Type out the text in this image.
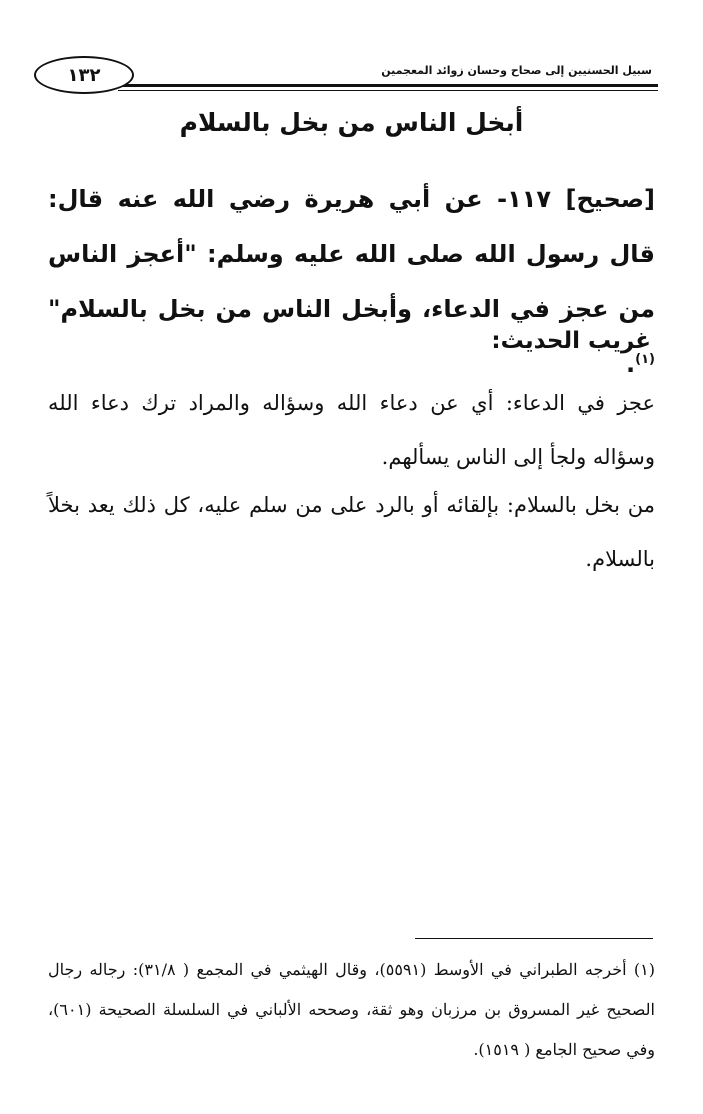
١٣٢	سبيل الحسنيين إلى صحاح وحسان زوائد المعجمين
أبخل الناس من بخل بالسلام
[صحيح] ١١٧- عن أبي هريرة رضي الله عنه قال: قال رسول الله صلى الله عليه وسلم: "أعجز الناس من عجز في الدعاء، وأبخل الناس من بخل بالسلام"$^{(١)}$.
غريب الحديث:
عجز في الدعاء: أي عن دعاء الله وسؤاله والمراد ترك دعاء الله وسؤاله ولجأ إلى الناس يسألهم.
من بخل بالسلام: بإلقائه أو بالرد على من سلم عليه، كل ذلك يعد بخلاً بالسلام.
(١) أخرجه الطبراني في الأوسط (٥٥٩١)، وقال الهيثمي في المجمع ( ٣١/٨): رجاله رجال الصحيح غير المسروق بن مرزبان وهو ثقة، وصححه الألباني في السلسلة الصحيحة (٦٠١)، وفي صحيح الجامع ( ١٥١٩).
